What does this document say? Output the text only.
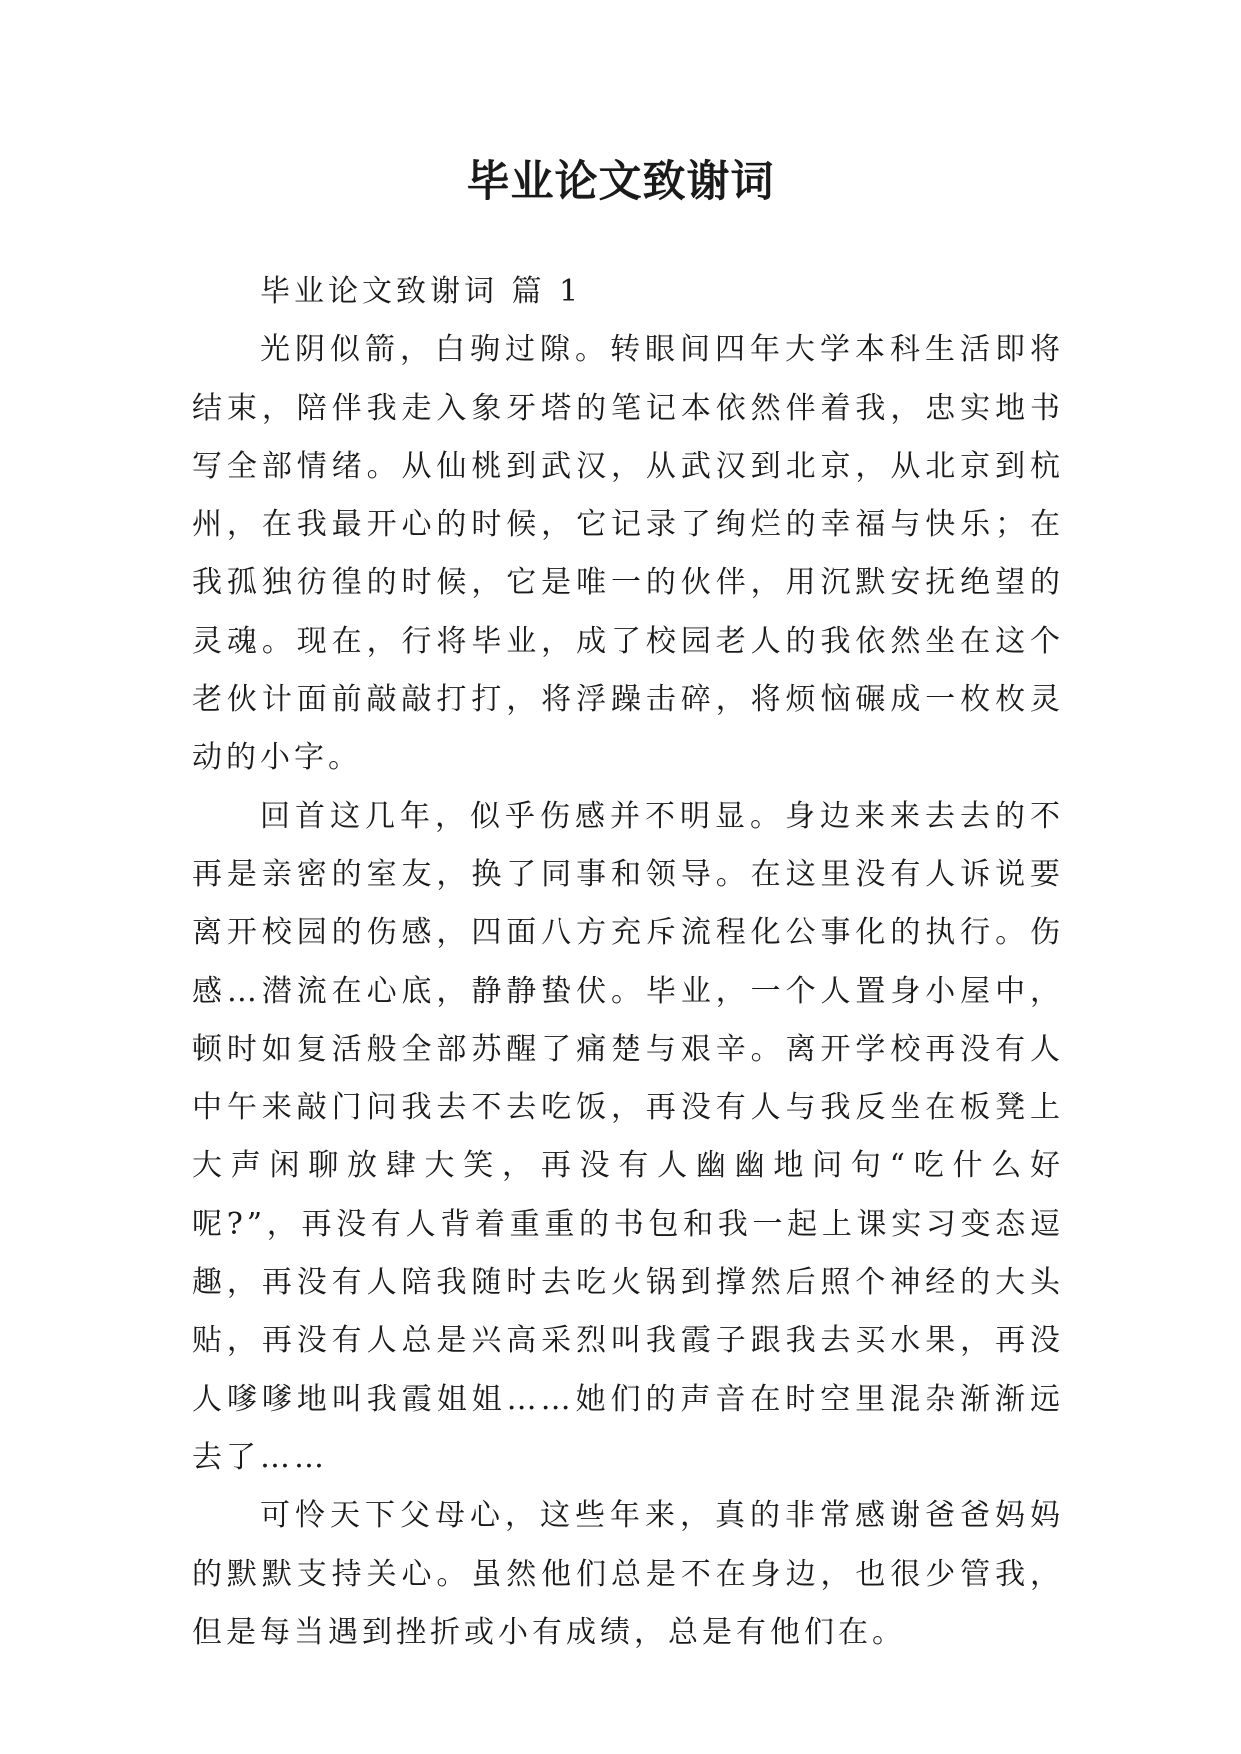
毕业论文致谢词

毕业论文致谢词 篇 1

光阴似箭，白驹过隙。转眼间四年大学本科生活即将结束，陪伴我走入象牙塔的笔记本依然伴着我，忠实地书写全部情绪。从仙桃到武汉，从武汉到北京，从北京到杭州，在我最开心的时候，它记录了绚烂的幸福与快乐；在我孤独彷徨的时候，它是唯一的伙伴，用沉默安抚绝望的灵魂。现在，行将毕业，成了校园老人的我依然坐在这个老伙计面前敲敲打打，将浮躁击碎，将烦恼碾成一枚枚灵动的小字。

回首这几年，似乎伤感并不明显。身边来来去去的不再是亲密的室友，换了同事和领导。在这里没有人诉说要离开校园的伤感，四面八方充斥流程化公事化的执行。伤感…潜流在心底，静静蛰伏。毕业，一个人置身小屋中，顿时如复活般全部苏醒了痛楚与艰辛。离开学校再没有人中午来敲门问我去不去吃饭，再没有人与我反坐在板凳上大声闲聊放肆大笑，再没有人幽幽地问句“吃什么好呢?”，再没有人背着重重的书包和我一起上课实习变态逗趣，再没有人陪我随时去吃火锅到撑然后照个神经的大头贴，再没有人总是兴高采烈叫我霞子跟我去买水果，再没人嗲嗲地叫我霞姐姐……她们的声音在时空里混杂渐渐远去了……

可怜天下父母心，这些年来，真的非常感谢爸爸妈妈的默默支持关心。虽然他们总是不在身边，也很少管我，但是每当遇到挫折或小有成绩，总是有他们在。
